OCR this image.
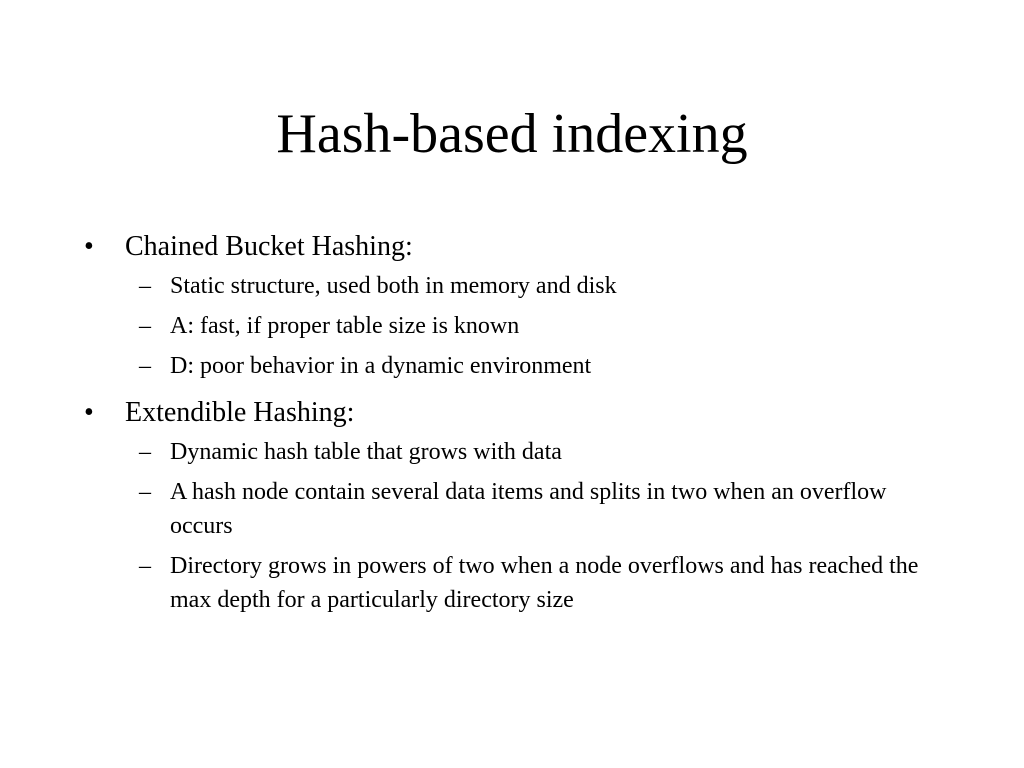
Hash-based indexing
• Chained Bucket Hashing:
– Static structure, used both in memory and disk
– A: fast, if proper table size is known
– D: poor behavior in a dynamic environment
• Extendible Hashing:
– Dynamic hash table that grows with data
– A hash node contain several data items and splits in two when an overflow occurs
– Directory grows in powers of two when a node overflows and has reached the max depth for a particularly directory size
